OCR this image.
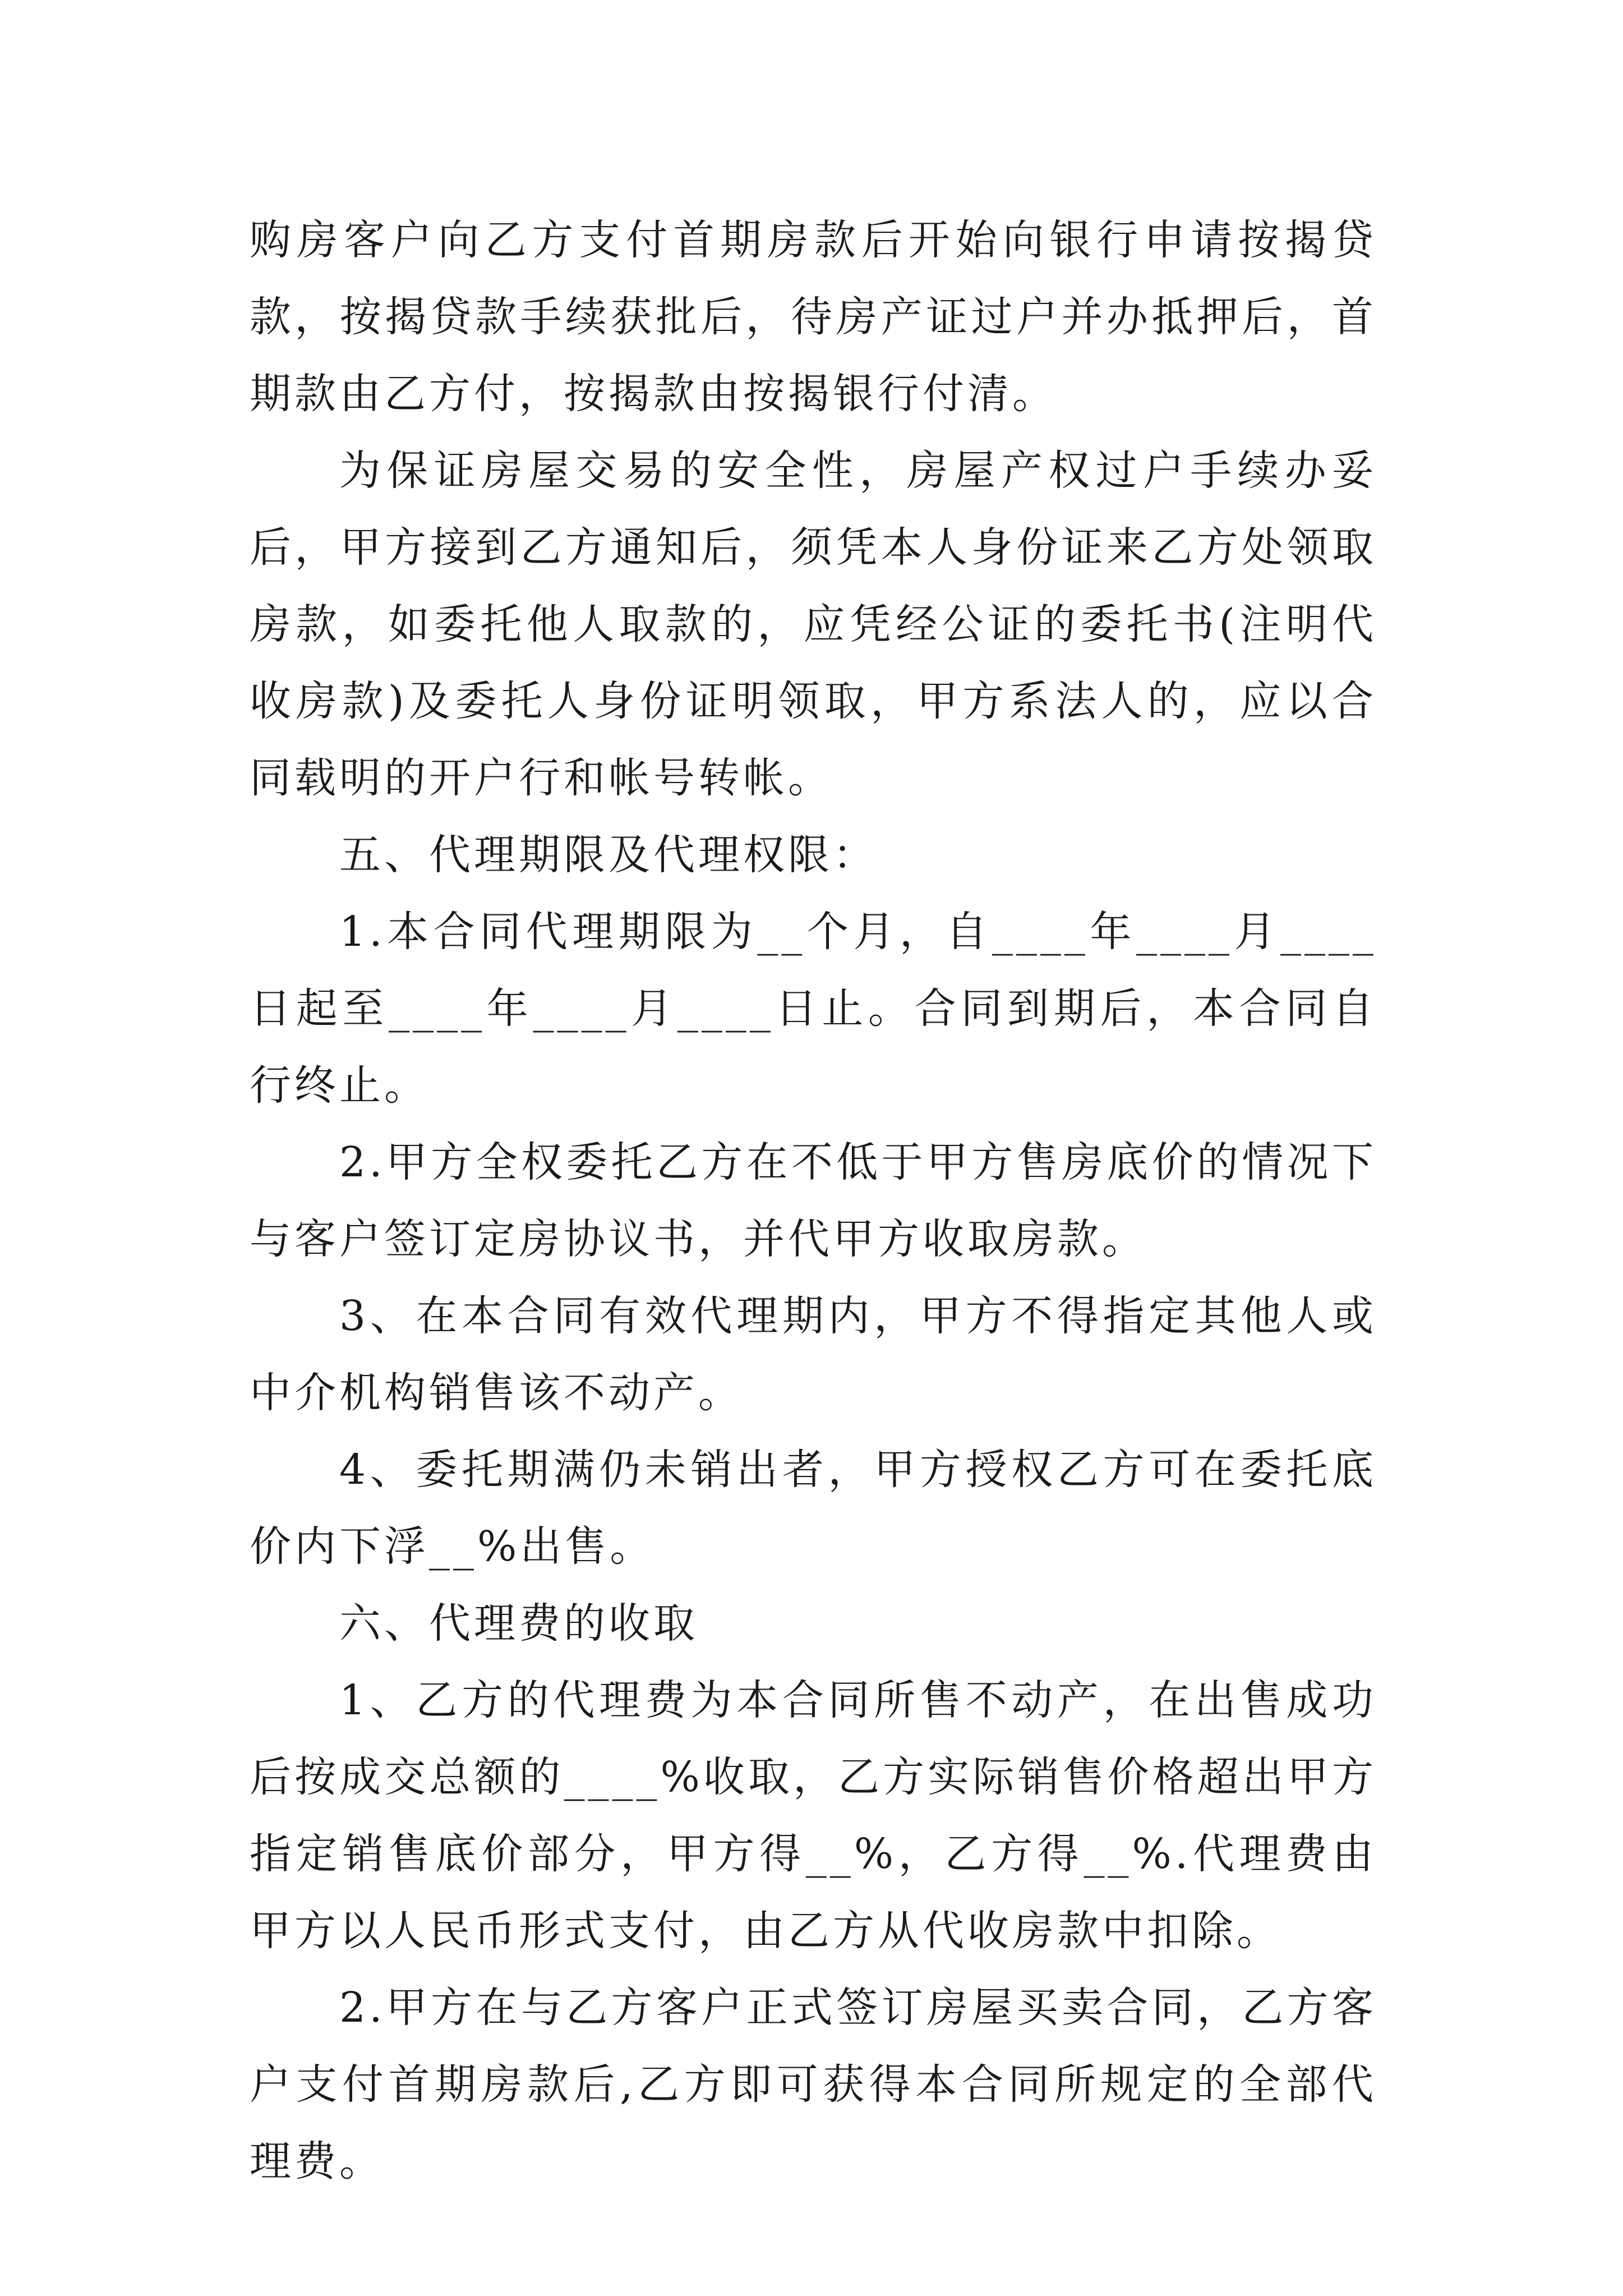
购房客户向乙方支付首期房款后开始向银行申请按揭贷款，按揭贷款手续获批后，待房产证过户并办抵押后，首期款由乙方付，按揭款由按揭银行付清。

为保证房屋交易的安全性，房屋产权过户手续办妥后，甲方接到乙方通知后，须凭本人身份证来乙方处领取房款，如委托他人取款的，应凭经公证的委托书(注明代收房款)及委托人身份证明领取，甲方系法人的，应以合同载明的开户行和帐号转帐。

五、代理期限及代理权限：

1.本合同代理期限为__个月，自____年____月____日起至____年____月____日止。合同到期后，本合同自行终止。

2.甲方全权委托乙方在不低于甲方售房底价的情况下与客户签订定房协议书，并代甲方收取房款。

3、在本合同有效代理期内，甲方不得指定其他人或中介机构销售该不动产。

4、委托期满仍未销出者，甲方授权乙方可在委托底价内下浮__%出售。

六、代理费的收取

1、乙方的代理费为本合同所售不动产，在出售成功后按成交总额的____%收取，乙方实际销售价格超出甲方指定销售底价部分，甲方得__%，乙方得__%.代理费由甲方以人民币形式支付，由乙方从代收房款中扣除。

2.甲方在与乙方客户正式签订房屋买卖合同，乙方客户支付首期房款后,乙方即可获得本合同所规定的全部代理费。
